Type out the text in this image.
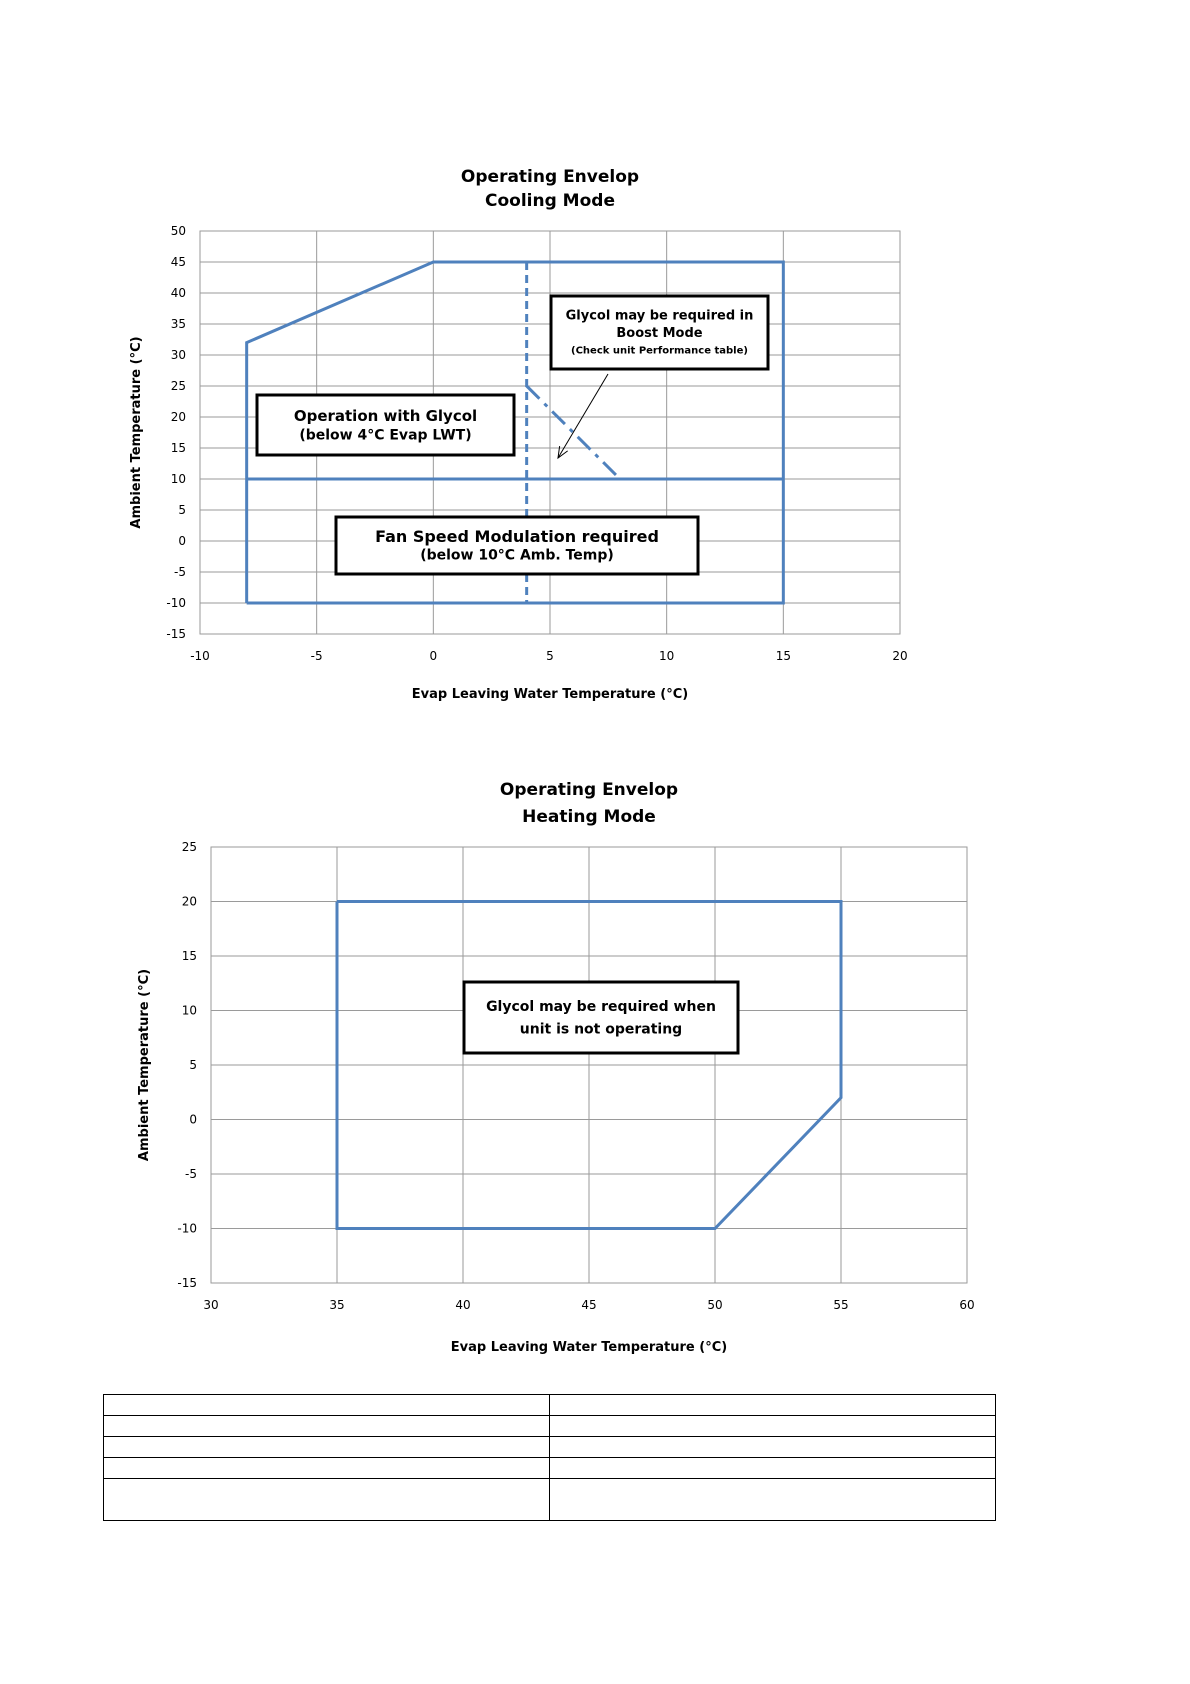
Operating Envelop
Cooling Mode
-10	-5	0	5	10	15	20
-15
-10
-5
0
5
10
15
20
25
30
35
40
45
50
Evap Leaving Water Temperature (°C)
Ambient Temperature (°C)
Glycol may be required in
Boost Mode
(Check unit Performance table)
Operation with Glycol
(below 4°C Evap LWT)
Fan Speed Modulation required
(below 10°C Amb. Temp)
Operating Envelop
Heating Mode
30	35	40	45	50	55	60
-15
-10
-5
0
5
10
15
20
25
Evap Leaving Water Temperature (°C)
Ambient Temperature (°C)	Glycol may be required when
unit is not operating
